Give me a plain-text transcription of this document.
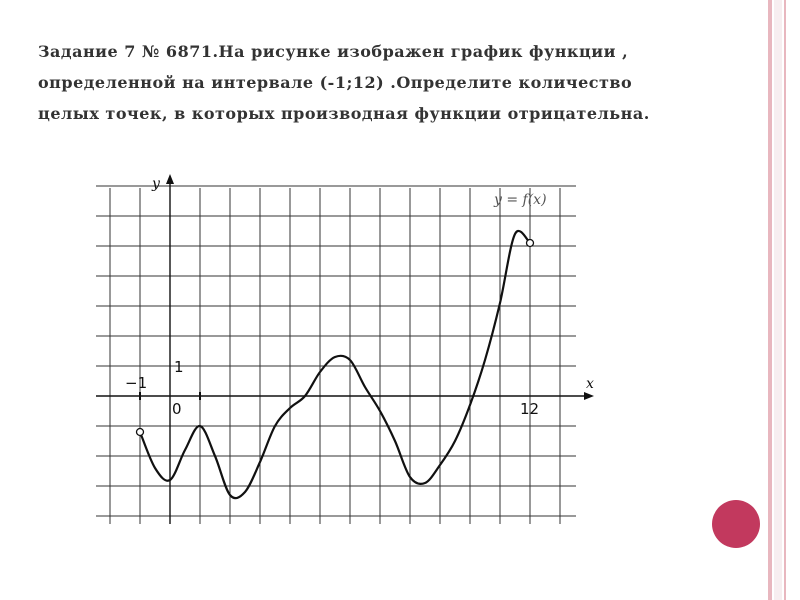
Задание 7 № 6871.На рисунке изображен график функции , определенной на интервале (-1;12) .Определите количество целых точек, в которых производная функции отрицательна.

x
y
y = f(x)
−1
0	12
1
